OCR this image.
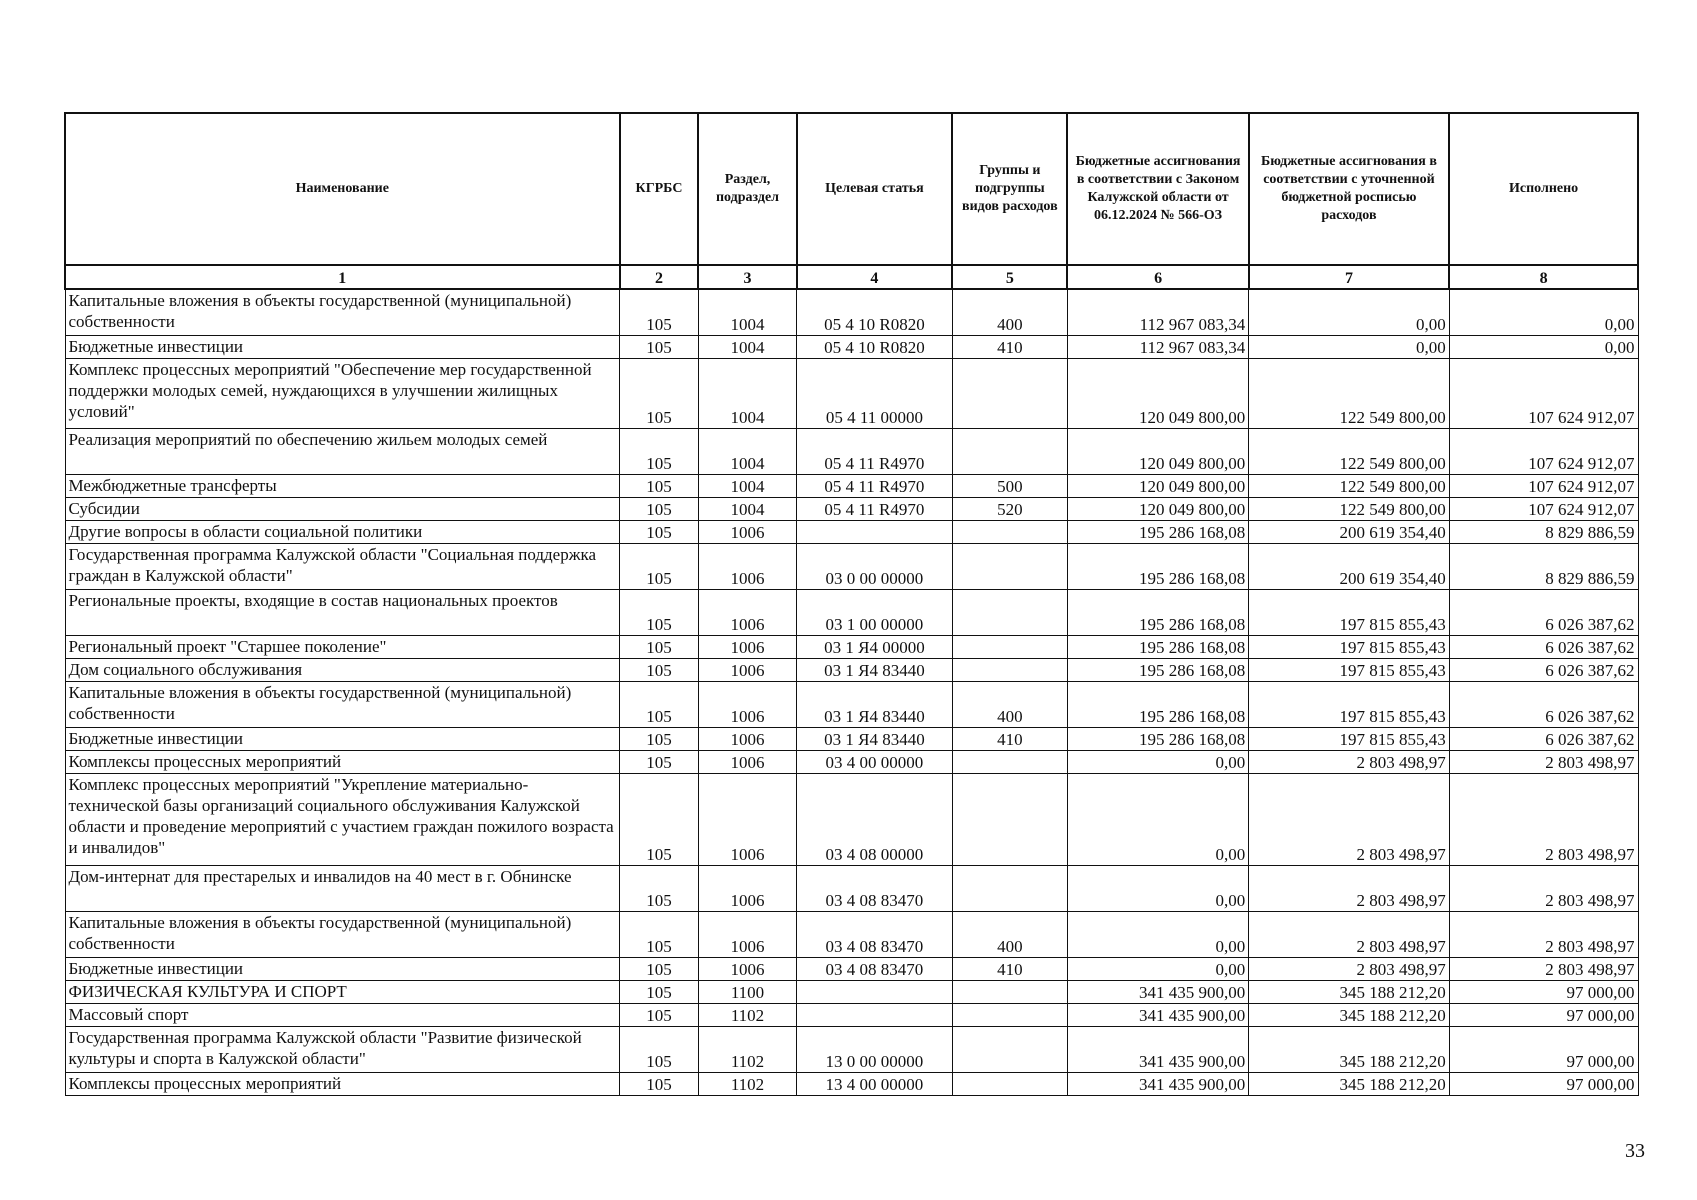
Наименование	КГРБС	Раздел, подраздел	Целевая статья	Группы и подгруппы видов расходов	Бюджетные ассигнования в соответствии с Законом Калужской области от 06.12.2024 № 566-ОЗ	Бюджетные ассигнования в соответствии с уточненной бюджетной росписью расходов	Исполнено
1	2	3	4	5	6	7	8
Капитальные вложения в объекты государственной (муниципальной) собственности	105	1004	05 4 10 R0820	400	112 967 083,34	0,00	0,00
Бюджетные инвестиции	105	1004	05 4 10 R0820	410	112 967 083,34	0,00	0,00
Комплекс процессных мероприятий "Обеспечение мер государственной поддержки молодых семей, нуждающихся в улучшении жилищных условий"	105	1004	05 4 11 00000		120 049 800,00	122 549 800,00	107 624 912,07
Реализация мероприятий по обеспечению жильем молодых семей	105	1004	05 4 11 R4970		120 049 800,00	122 549 800,00	107 624 912,07
Межбюджетные трансферты	105	1004	05 4 11 R4970	500	120 049 800,00	122 549 800,00	107 624 912,07
Субсидии	105	1004	05 4 11 R4970	520	120 049 800,00	122 549 800,00	107 624 912,07
Другие вопросы в области социальной политики	105	1006			195 286 168,08	200 619 354,40	8 829 886,59
Государственная программа Калужской области "Социальная поддержка граждан в Калужской области"	105	1006	03 0 00 00000		195 286 168,08	200 619 354,40	8 829 886,59
Региональные проекты, входящие в состав национальных проектов	105	1006	03 1 00 00000		195 286 168,08	197 815 855,43	6 026 387,62
Региональный проект "Старшее поколение"	105	1006	03 1 Я4 00000		195 286 168,08	197 815 855,43	6 026 387,62
Дом социального обслуживания	105	1006	03 1 Я4 83440		195 286 168,08	197 815 855,43	6 026 387,62
Капитальные вложения в объекты государственной (муниципальной) собственности	105	1006	03 1 Я4 83440	400	195 286 168,08	197 815 855,43	6 026 387,62
Бюджетные инвестиции	105	1006	03 1 Я4 83440	410	195 286 168,08	197 815 855,43	6 026 387,62
Комплексы процессных мероприятий	105	1006	03 4 00 00000		0,00	2 803 498,97	2 803 498,97
Комплекс процессных мероприятий "Укрепление материально-технической базы организаций социального обслуживания Калужской области и проведение мероприятий с участием граждан пожилого возраста и инвалидов"	105	1006	03 4 08 00000		0,00	2 803 498,97	2 803 498,97
Дом-интернат для престарелых и инвалидов на 40 мест в г. Обнинске	105	1006	03 4 08 83470		0,00	2 803 498,97	2 803 498,97
Капитальные вложения в объекты государственной (муниципальной) собственности	105	1006	03 4 08 83470	400	0,00	2 803 498,97	2 803 498,97
Бюджетные инвестиции	105	1006	03 4 08 83470	410	0,00	2 803 498,97	2 803 498,97
ФИЗИЧЕСКАЯ КУЛЬТУРА И СПОРТ	105	1100			341 435 900,00	345 188 212,20	97 000,00
Массовый спорт	105	1102			341 435 900,00	345 188 212,20	97 000,00
Государственная программа Калужской области "Развитие физической культуры и спорта в Калужской области"	105	1102	13 0 00 00000		341 435 900,00	345 188 212,20	97 000,00
Комплексы процессных мероприятий	105	1102	13 4 00 00000		341 435 900,00	345 188 212,20	97 000,00
33
